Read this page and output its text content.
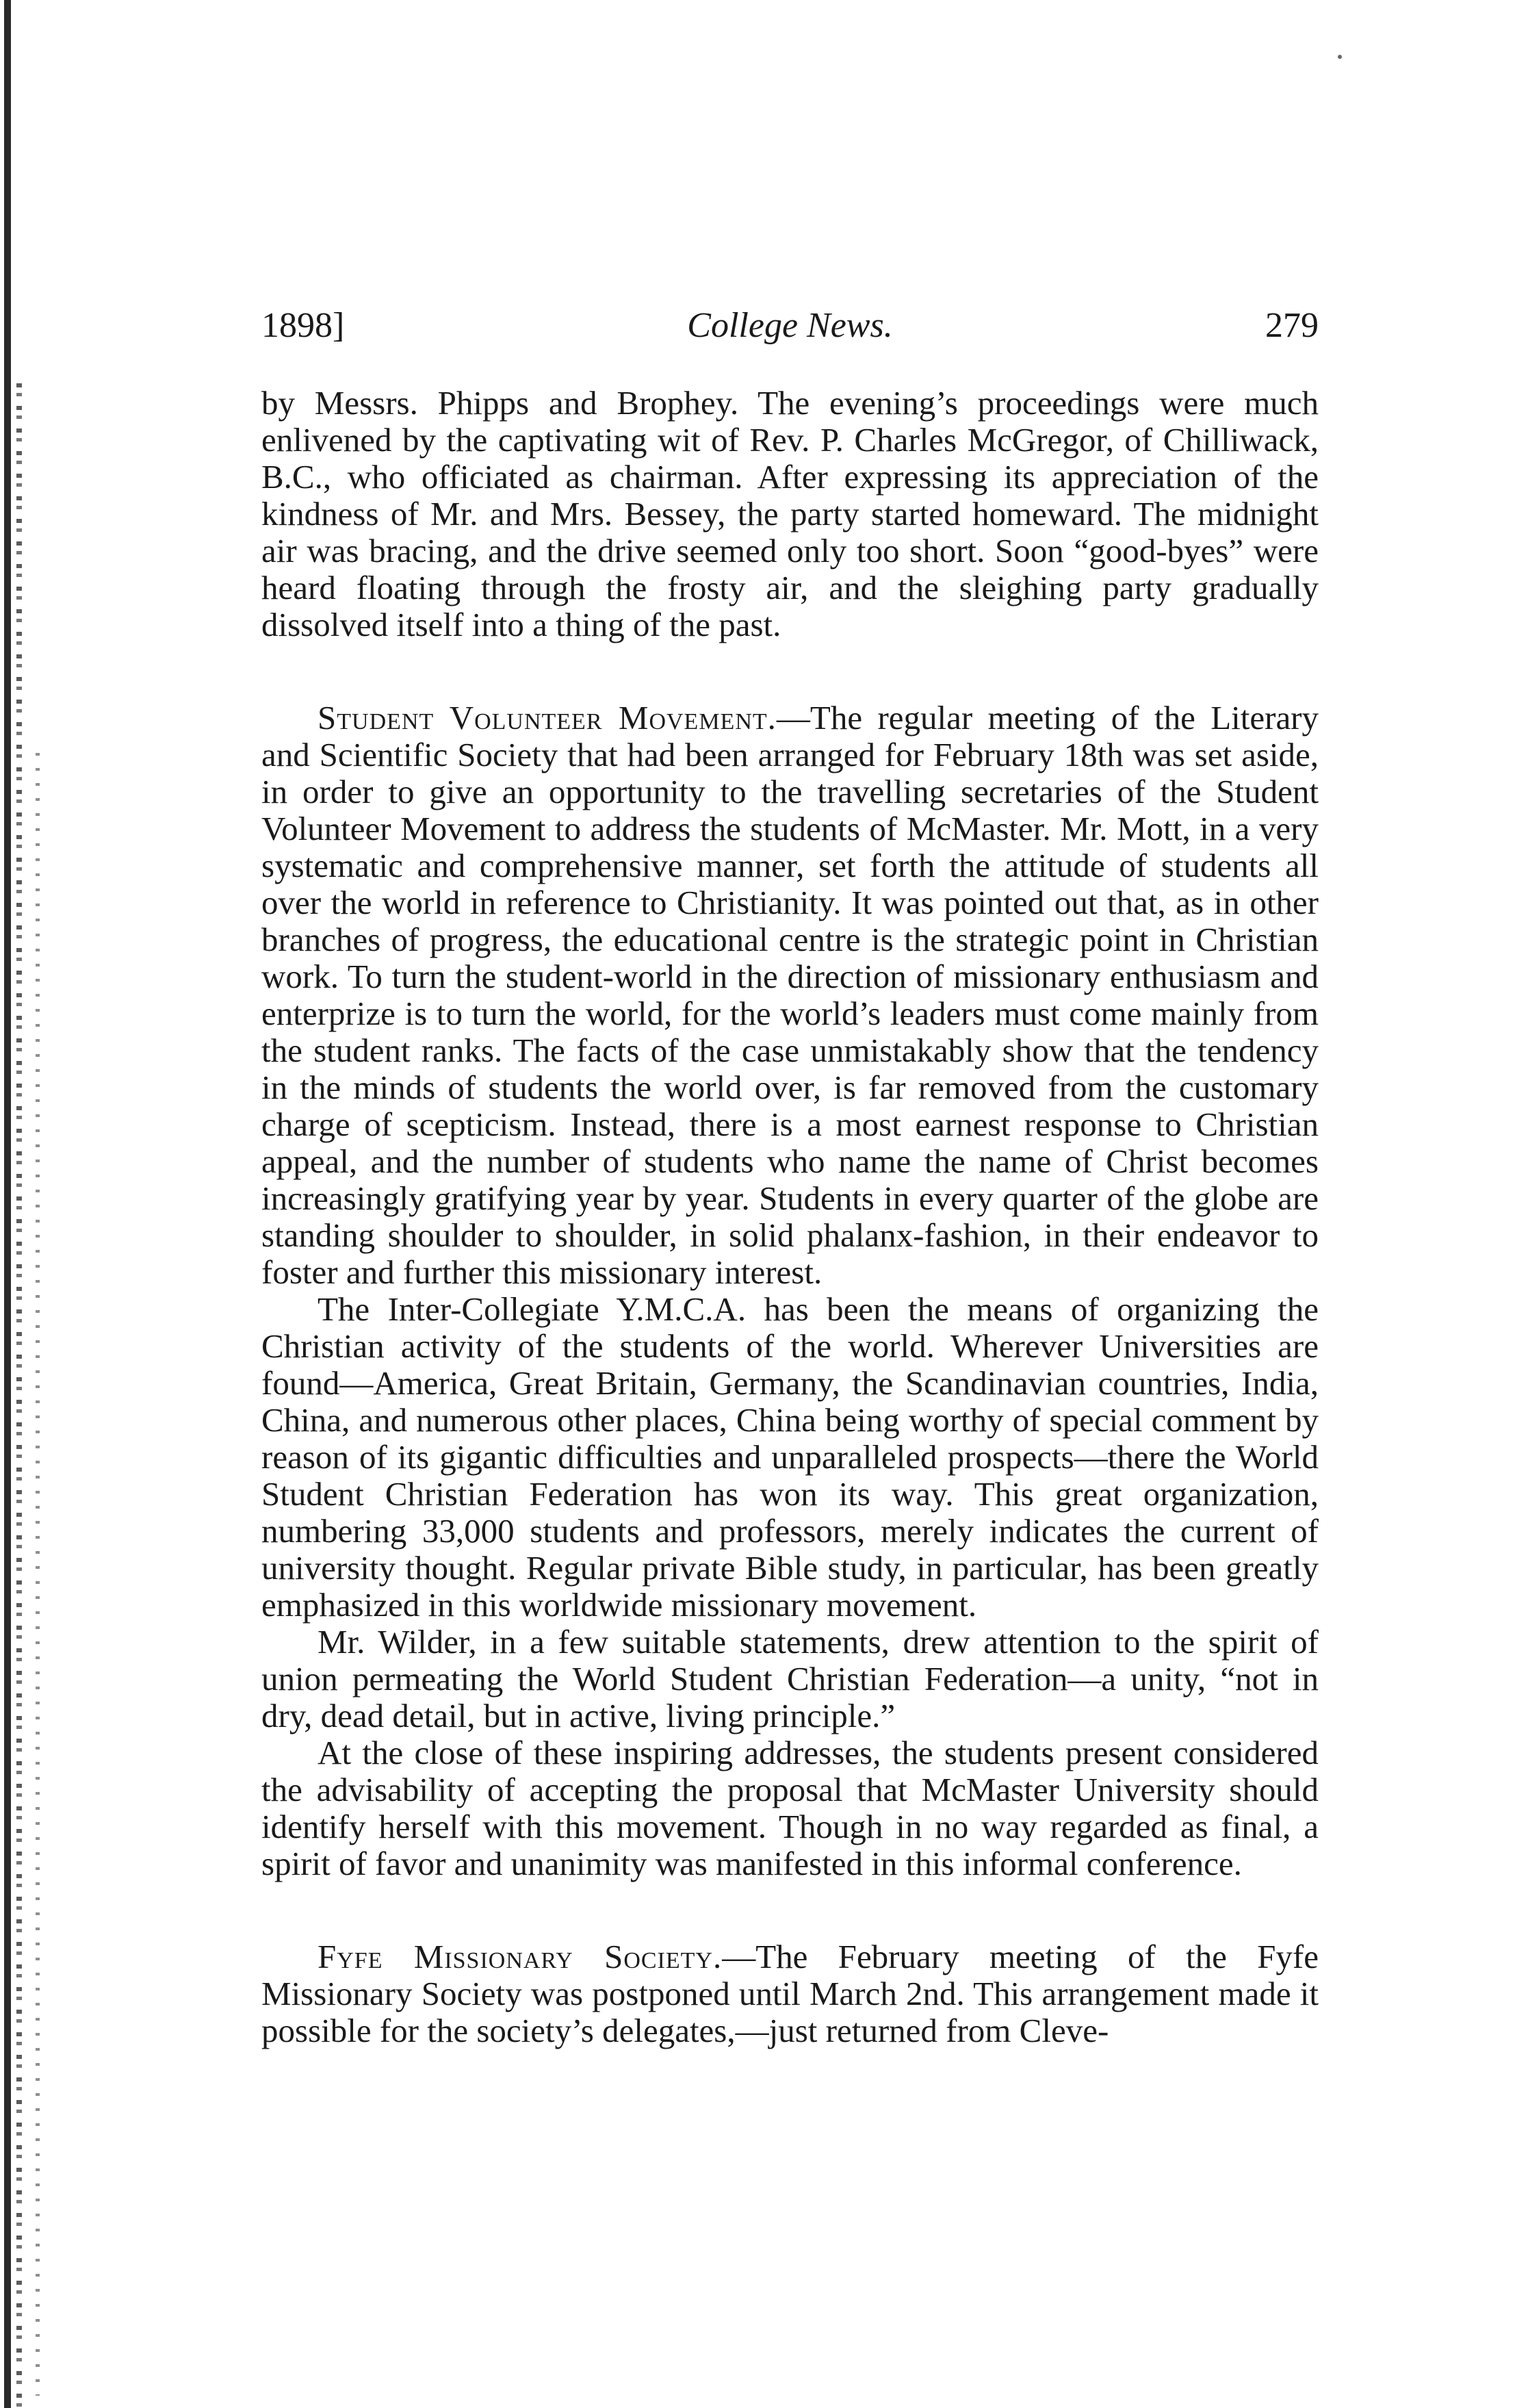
1898]	College News.	279

by Messrs. Phipps and Brophey. The evening’s proceedings were much enlivened by the captivating wit of Rev. P. Charles McGregor, of Chilliwack, B.C., who officiated as chairman. After expressing its appreciation of the kindness of Mr. and Mrs. Bessey, the party started homeward. The midnight air was bracing, and the drive seemed only too short. Soon “good-byes” were heard floating through the frosty air, and the sleighing party gradually dissolved itself into a thing of the past.

Student Volunteer Movement.—The regular meeting of the Literary and Scientific Society that had been arranged for February 18th was set aside, in order to give an opportunity to the travelling secretaries of the Student Volunteer Movement to address the students of McMaster. Mr. Mott, in a very systematic and comprehensive manner, set forth the attitude of students all over the world in reference to Christianity. It was pointed out that, as in other branches of progress, the educational centre is the strategic point in Christian work. To turn the student-world in the direction of missionary enthusiasm and enterprize is to turn the world, for the world’s leaders must come mainly from the student ranks. The facts of the case unmistakably show that the tendency in the minds of students the world over, is far removed from the customary charge of scepticism. Instead, there is a most earnest response to Christian appeal, and the number of students who name the name of Christ becomes increasingly gratifying year by year. Students in every quarter of the globe are standing shoulder to shoulder, in solid phalanx-fashion, in their endeavor to foster and further this missionary interest.

The Inter-Collegiate Y.M.C.A. has been the means of organizing the Christian activity of the students of the world. Wherever Universities are found—America, Great Britain, Germany, the Scandinavian countries, India, China, and numerous other places, China being worthy of special comment by reason of its gigantic difficulties and unparalleled prospects—there the World Student Christian Federation has won its way. This great organization, numbering 33,000 students and professors, merely indicates the current of university thought. Regular private Bible study, in particular, has been greatly emphasized in this worldwide missionary movement.

Mr. Wilder, in a few suitable statements, drew attention to the spirit of union permeating the World Student Christian Federation—a unity, “not in dry, dead detail, but in active, living principle.”

At the close of these inspiring addresses, the students present considered the advisability of accepting the proposal that McMaster University should identify herself with this movement. Though in no way regarded as final, a spirit of favor and unanimity was manifested in this informal conference.

Fyfe Missionary Society.—The February meeting of the Fyfe Missionary Society was postponed until March 2nd. This arrangement made it possible for the society’s delegates,—just returned from Cleve-
